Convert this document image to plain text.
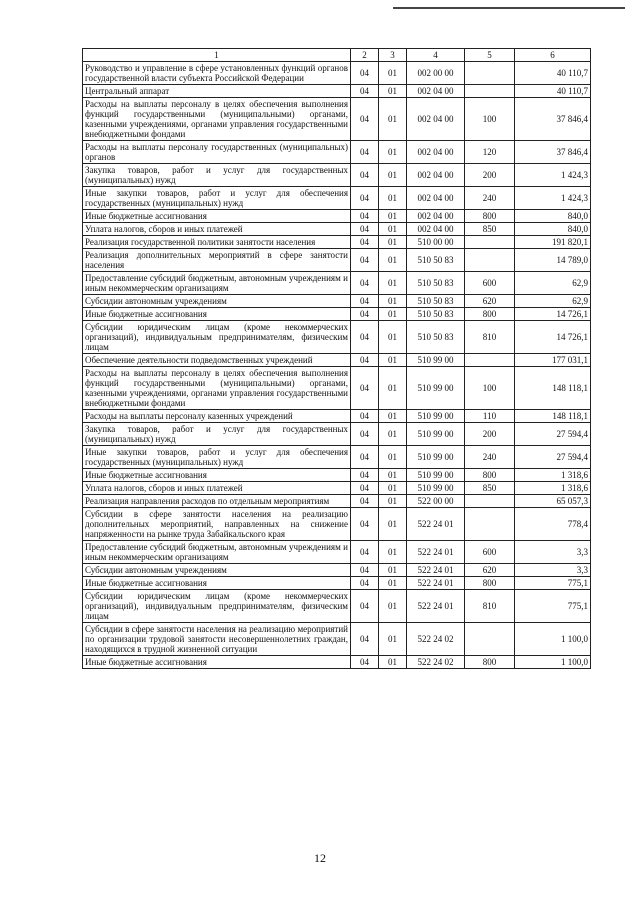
1	2	3	4	5	6
Руководство и управление в сфере установленных функций органов государственной власти субъекта Российской Федерации	04	01	002 00 00		40 110,7
Центральный аппарат	04	01	002 04 00		40 110,7
Расходы на выплаты персоналу в целях обеспечения выполнения функций государственными (муниципальными) органами, казенными учреждениями, органами управления государственными внебюджетными фондами	04	01	002 04 00	100	37 846,4
Расходы на выплаты персоналу государственных (муниципальных) органов	04	01	002 04 00	120	37 846,4
Закупка товаров, работ и услуг для государственных (муниципальных) нужд	04	01	002 04 00	200	1 424,3
Иные закупки товаров, работ и услуг для обеспечения государственных (муниципальных) нужд	04	01	002 04 00	240	1 424,3
Иные бюджетные ассигнования	04	01	002 04 00	800	840,0
Уплата налогов, сборов и иных платежей	04	01	002 04 00	850	840,0
Реализация государственной политики занятости населения	04	01	510 00 00		191 820,1
Реализация дополнительных мероприятий в сфере занятости населения	04	01	510 50 83		14 789,0
Предоставление субсидий бюджетным, автономным учреждениям и иным некоммерческим организациям	04	01	510 50 83	600	62,9
Субсидии автономным учреждениям	04	01	510 50 83	620	62,9
Иные бюджетные ассигнования	04	01	510 50 83	800	14 726,1
Субсидии юридическим лицам (кроме некоммерческих организаций), индивидуальным предпринимателям, физическим лицам	04	01	510 50 83	810	14 726,1
Обеспечение деятельности подведомственных учреждений	04	01	510 99 00		177 031,1
Расходы на выплаты персоналу в целях обеспечения выполнения функций государственными (муниципальными) органами, казенными учреждениями, органами управления государственными внебюджетными фондами	04	01	510 99 00	100	148 118,1
Расходы на выплаты персоналу казенных учреждений	04	01	510 99 00	110	148 118,1
Закупка товаров, работ и услуг для государственных (муниципальных) нужд	04	01	510 99 00	200	27 594,4
Иные закупки товаров, работ и услуг для обеспечения государственных (муниципальных) нужд	04	01	510 99 00	240	27 594,4
Иные бюджетные ассигнования	04	01	510 99 00	800	1 318,6
Уплата налогов, сборов и иных платежей	04	01	510 99 00	850	1 318,6
Реализация направления расходов по отдельным мероприятиям	04	01	522 00 00		65 057,3
Субсидии в сфере занятости населения на реализацию дополнительных мероприятий, направленных на снижение напряженности на рынке труда Забайкальского края	04	01	522 24 01		778,4
Предоставление субсидий бюджетным, автономным учреждениям и иным некоммерческим организациям	04	01	522 24 01	600	3,3
Субсидии автономным учреждениям	04	01	522 24 01	620	3,3
Иные бюджетные ассигнования	04	01	522 24 01	800	775,1
Субсидии юридическим лицам (кроме некоммерческих организаций), индивидуальным предпринимателям, физическим лицам	04	01	522 24 01	810	775,1
Субсидии в сфере занятости населения на реализацию мероприятий по организации трудовой занятости несовершеннолетних граждан, находящихся в трудной жизненной ситуации	04	01	522 24 02		1 100,0
Иные бюджетные ассигнования	04	01	522 24 02	800	1 100,0
12
